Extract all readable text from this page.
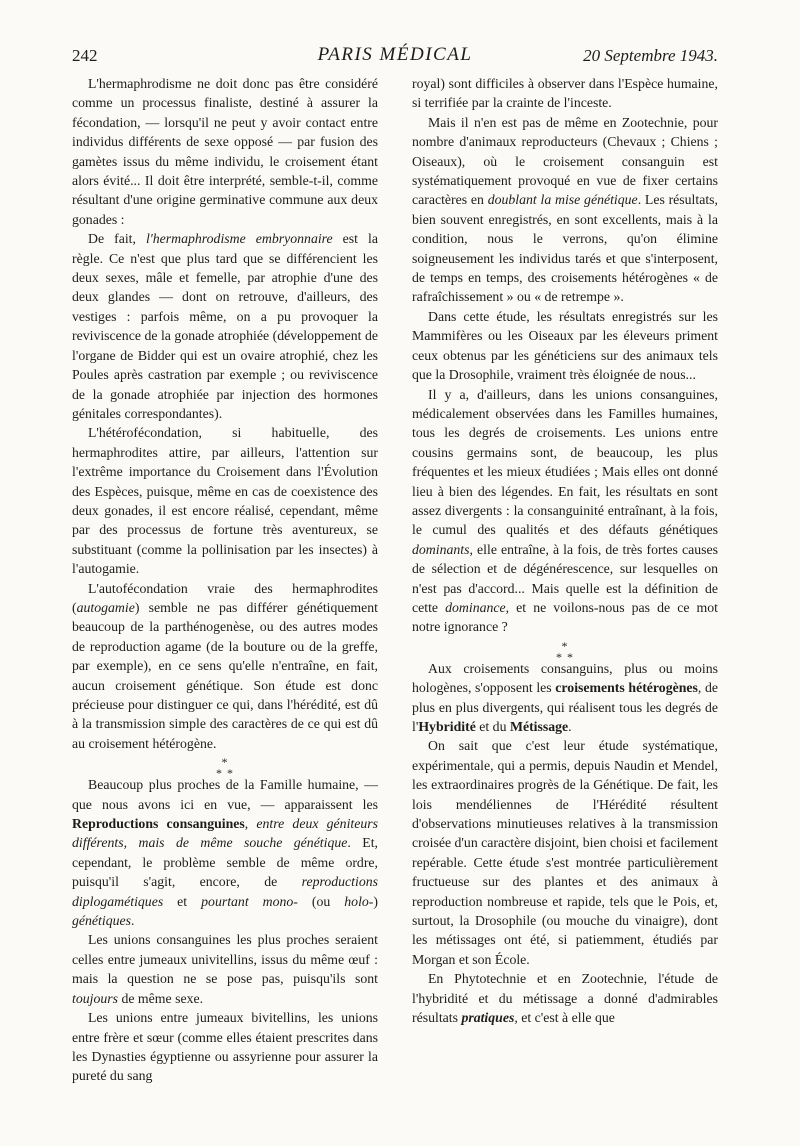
242	PARIS MÉDICAL	20 Septembre 1943.

L'hermaphrodisme ne doit donc pas être considéré comme un processus finaliste, destiné à assurer la fécondation, — lorsqu'il ne peut y avoir contact entre individus différents de sexe opposé — par fusion des gamètes issus du même individu, le croisement étant alors évité... Il doit être interprété, semble-t-il, comme résultant d'une origine germinative commune aux deux gonades :

De fait, l'hermaphrodisme embryonnaire est la règle. Ce n'est que plus tard que se différencient les deux sexes, mâle et femelle, par atrophie d'une des deux glandes — dont on retrouve, d'ailleurs, des vestiges : parfois même, on a pu provoquer la reviviscence de la gonade atrophiée (développement de l'organe de Bidder qui est un ovaire atrophié, chez les Poules après castration par exemple ; ou reviviscence de la gonade atrophiée par injection des hormones génitales correspondantes).

L'hétérofécondation, si habituelle, des hermaphrodites attire, par ailleurs, l'attention sur l'extrême importance du Croisement dans l'Évolution des Espèces, puisque, même en cas de coexistence des deux gonades, il est encore réalisé, cependant, même par des processus de fortune très aventureux, se substituant (comme la pollinisation par les insectes) à l'autogamie.

L'autofécondation vraie des hermaphrodites (autogamie) semble ne pas différer génétiquement beaucoup de la parthénogenèse, ou des autres modes de reproduction agame (de la bouture ou de la greffe, par exemple), en ce sens qu'elle n'entraîne, en fait, aucun croisement génétique. Son étude est donc précieuse pour distinguer ce qui, dans l'hérédité, est dû à la transmission simple des caractères de ce qui est dû au croisement hétérogène.

*
* *

Beaucoup plus proches de la Famille humaine, — que nous avons ici en vue, — apparaissent les Reproductions consanguines, entre deux géniteurs différents, mais de même souche génétique. Et, cependant, le problème semble de même ordre, puisqu'il s'agit, encore, de reproductions diplogamétiques et pourtant mono- (ou holo-) génétiques.

Les unions consanguines les plus proches seraient celles entre jumeaux univitellins, issus du même œuf : mais la question ne se pose pas, puisqu'ils sont toujours de même sexe.

Les unions entre jumeaux bivitellins, les unions entre frère et sœur (comme elles étaient prescrites dans les Dynasties égyptienne ou assyrienne pour assurer la pureté du sang

royal) sont difficiles à observer dans l'Espèce humaine, si terrifiée par la crainte de l'inceste.

Mais il n'en est pas de même en Zootechnie, pour nombre d'animaux reproducteurs (Chevaux ; Chiens ; Oiseaux), où le croisement consanguin est systématiquement provoqué en vue de fixer certains caractères en doublant la mise génétique. Les résultats, bien souvent enregistrés, en sont excellents, mais à la condition, nous le verrons, qu'on élimine soigneusement les individus tarés et que s'interposent, de temps en temps, des croisements hétérogènes « de rafraîchissement » ou « de retrempe ».

Dans cette étude, les résultats enregistrés sur les Mammifères ou les Oiseaux par les éleveurs priment ceux obtenus par les généticiens sur des animaux tels que la Drosophile, vraiment très éloignée de nous...

Il y a, d'ailleurs, dans les unions consanguines, médicalement observées dans les Familles humaines, tous les degrés de croisements. Les unions entre cousins germains sont, de beaucoup, les plus fréquentes et les mieux étudiées ; Mais elles ont donné lieu à bien des légendes. En fait, les résultats en sont assez divergents : la consanguinité entraînant, à la fois, le cumul des qualités et des défauts génétiques dominants, elle entraîne, à la fois, de très fortes causes de sélection et de dégénérescence, sur lesquelles on n'est pas d'accord... Mais quelle est la définition de cette dominance, et ne voilons-nous pas de ce mot notre ignorance ?

*
* *

Aux croisements consanguins, plus ou moins hologènes, s'opposent les croisements hétérogènes, de plus en plus divergents, qui réalisent tous les degrés de l'Hybridité et du Métissage.

On sait que c'est leur étude systématique, expérimentale, qui a permis, depuis Naudin et Mendel, les extraordinaires progrès de la Génétique. De fait, les lois mendéliennes de l'Hérédité résultent d'observations minutieuses relatives à la transmission croisée d'un caractère disjoint, bien choisi et facilement repérable. Cette étude s'est montrée particulièrement fructueuse sur des plantes et des animaux à reproduction nombreuse et rapide, tels que le Pois, et, surtout, la Drosophile (ou mouche du vinaigre), dont les métissages ont été, si patiemment, étudiés par Morgan et son École.

En Phytotechnie et en Zootechnie, l'étude de l'hybridité et du métissage a donné d'admirables résultats pratiques, et c'est à elle que
